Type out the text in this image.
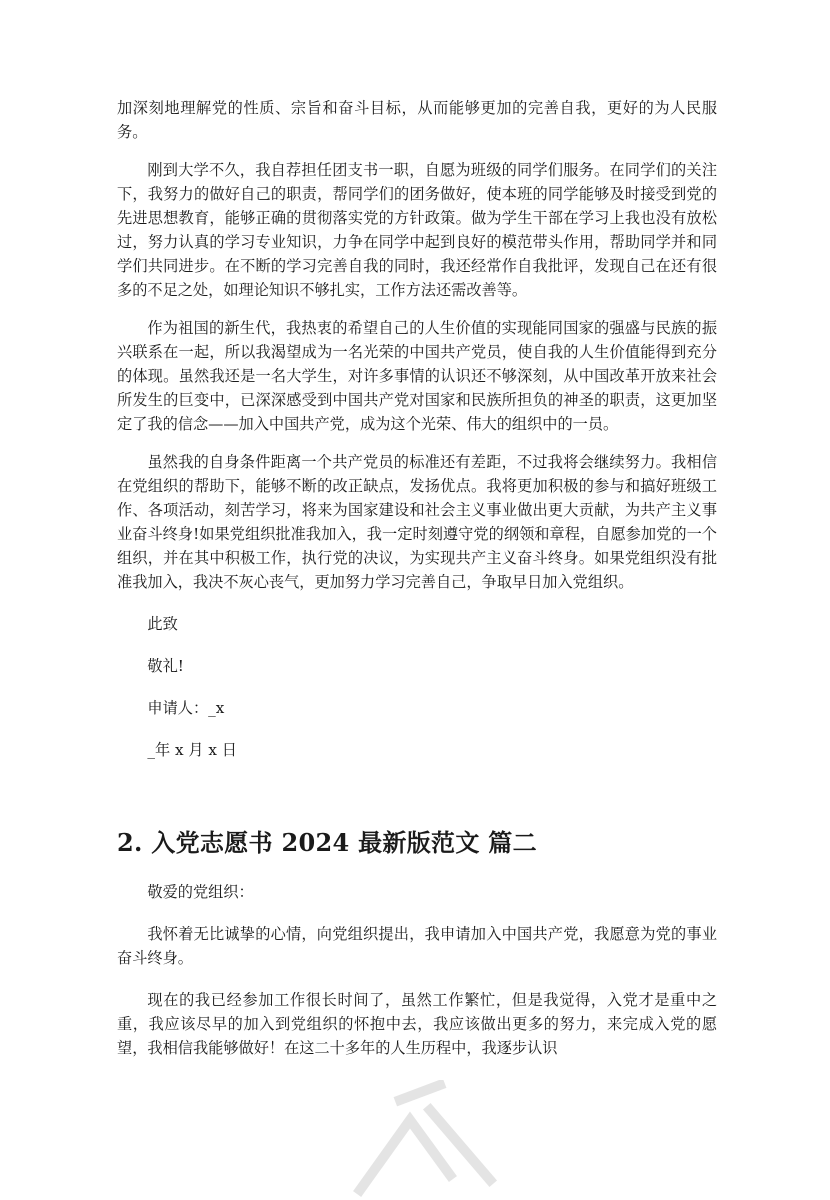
加深刻地理解党的性质、宗旨和奋斗目标，从而能够更加的完善自我，更好的为人民服务。

刚到大学不久，我自荐担任团支书一职，自愿为班级的同学们服务。在同学们的关注下，我努力的做好自己的职责，帮同学们的团务做好，使本班的同学能够及时接受到党的先进思想教育，能够正确的贯彻落实党的方针政策。做为学生干部在学习上我也没有放松过，努力认真的学习专业知识，力争在同学中起到良好的模范带头作用，帮助同学并和同学们共同进步。在不断的学习完善自我的同时，我还经常作自我批评，发现自己在还有很多的不足之处，如理论知识不够扎实，工作方法还需改善等。

作为祖国的新生代，我热衷的希望自己的人生价值的实现能同国家的强盛与民族的振兴联系在一起，所以我渴望成为一名光荣的中国共产党员，使自我的人生价值能得到充分的体现。虽然我还是一名大学生，对许多事情的认识还不够深刻，从中国改革开放来社会所发生的巨变中，已深深感受到中国共产党对国家和民族所担负的神圣的职责，这更加坚定了我的信念——加入中国共产党，成为这个光荣、伟大的组织中的一员。

虽然我的自身条件距离一个共产党员的标准还有差距，不过我将会继续努力。我相信在党组织的帮助下，能够不断的改正缺点，发扬优点。我将更加积极的参与和搞好班级工作、各项活动，刻苦学习，将来为国家建设和社会主义事业做出更大贡献，为共产主义事业奋斗终身!如果党组织批准我加入，我一定时刻遵守党的纲领和章程，自愿参加党的一个组织，并在其中积极工作，执行党的决议，为实现共产主义奋斗终身。如果党组织没有批准我加入，我决不灰心丧气，更加努力学习完善自己，争取早日加入党组织。

此致

敬礼!

申请人：_x

_年 x 月 x 日

2. 入党志愿书 2024 最新版范文 篇二

敬爱的党组织：

我怀着无比诚挚的心情，向党组织提出，我申请加入中国共产党，我愿意为党的事业奋斗终身。

现在的我已经参加工作很长时间了，虽然工作繁忙，但是我觉得，入党才是重中之重，我应该尽早的加入到党组织的怀抱中去，我应该做出更多的努力，来完成入党的愿望，我相信我能够做好！在这二十多年的人生历程中，我逐步认识
